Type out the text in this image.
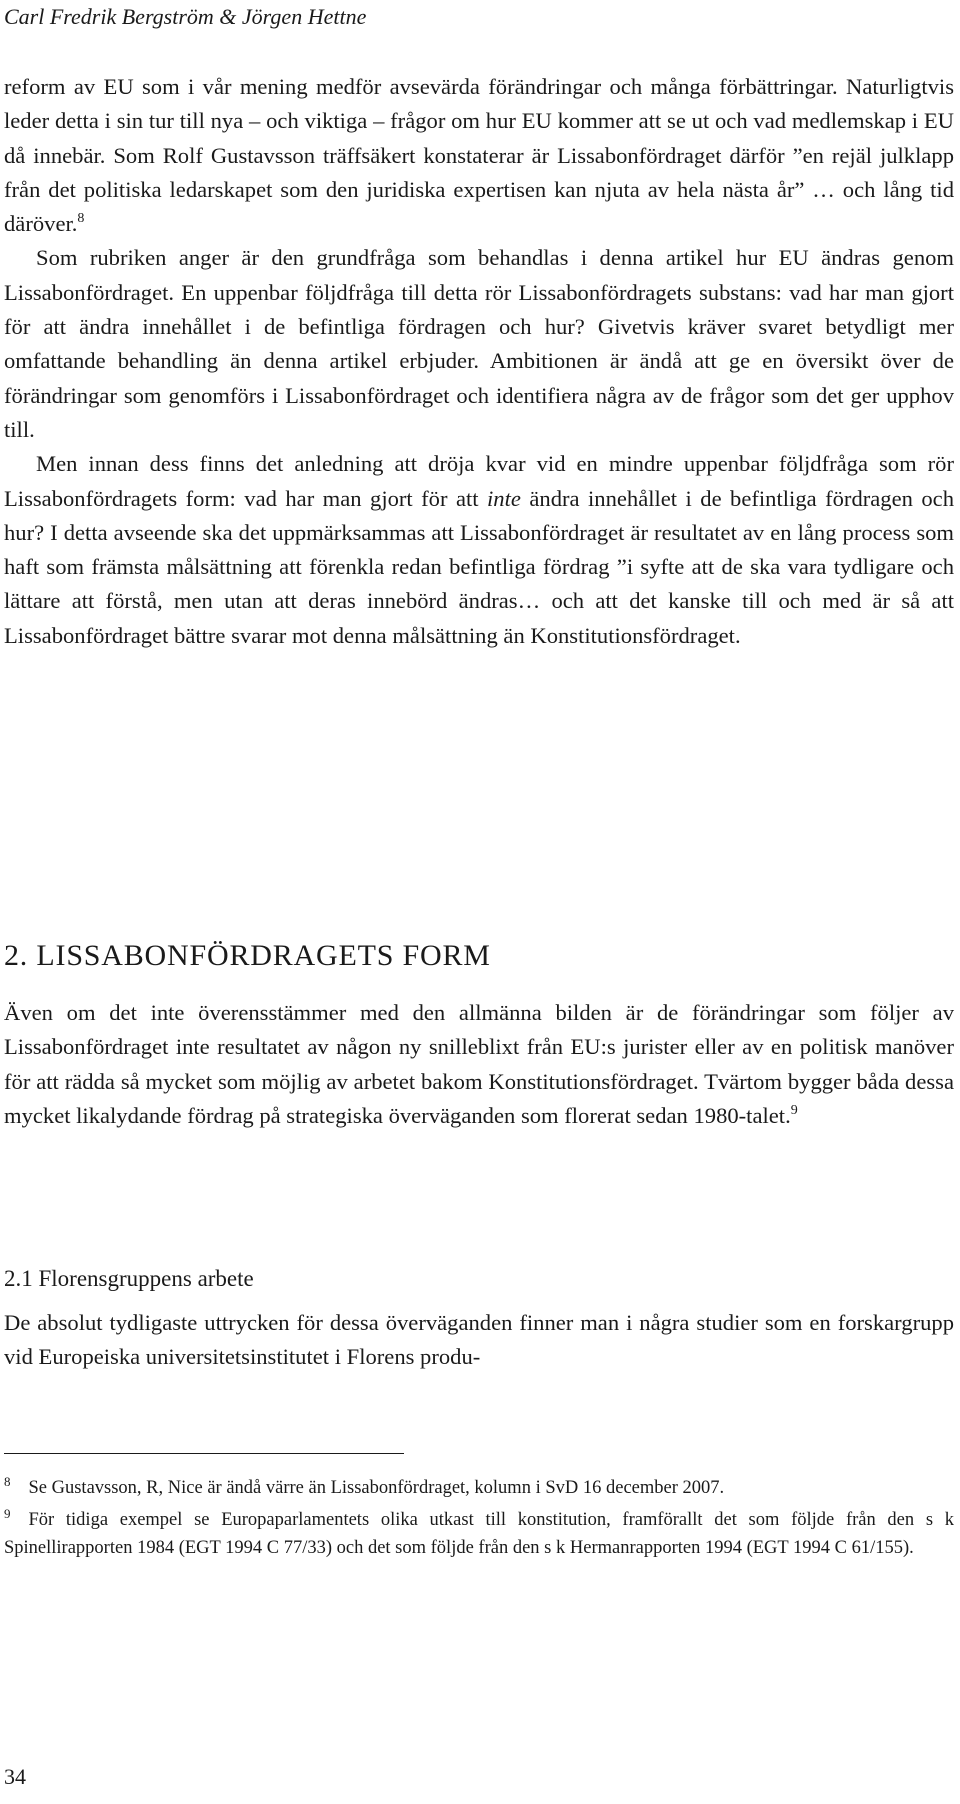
Carl Fredrik Bergström & Jörgen Hettne

reform av EU som i vår mening medför avsevärda förändringar och många förbättringar. Naturligtvis leder detta i sin tur till nya – och viktiga – frågor om hur EU kommer att se ut och vad medlemskap i EU då innebär. Som Rolf Gustavsson träffsäkert konstaterar är Lissabonfördraget därför ”en rejäl julklapp från det politiska ledarskapet som den juridiska expertisen kan njuta av hela nästa år” … och lång tid däröver.$^8$

Som rubriken anger är den grundfråga som behandlas i denna artikel hur EU ändras genom Lissabonfördraget. En uppenbar följdfråga till detta rör Lissabonfördragets substans: vad har man gjort för att ändra innehållet i de befintliga fördragen och hur? Givetvis kräver svaret betydligt mer omfattande behandling än denna artikel erbjuder. Ambitionen är ändå att ge en översikt över de förändringar som genomförs i Lissabonfördraget och identifiera några av de frågor som det ger upphov till.

Men innan dess finns det anledning att dröja kvar vid en mindre uppenbar följdfråga som rör Lissabonfördragets form: vad har man gjort för att inte ändra innehållet i de befintliga fördragen och hur? I detta avseende ska det uppmärksammas att Lissabonfördraget är resultatet av en lång process som haft som främsta målsättning att förenkla redan befintliga fördrag ”i syfte att de ska vara tydligare och lättare att förstå, men utan att deras innebörd ändras… och att det kanske till och med är så att Lissabonfördraget bättre svarar mot denna målsättning än Konstitutionsfördraget.

2. LISSABONFÖRDRAGETS FORM

Även om det inte överensstämmer med den allmänna bilden är de förändringar som följer av Lissabonfördraget inte resultatet av någon ny snilleblixt från EU:s jurister eller av en politisk manöver för att rädda så mycket som möjlig av arbetet bakom Konstitutionsfördraget. Tvärtom bygger båda dessa mycket likalydande fördrag på strategiska överväganden som florerat sedan 1980-talet.$^9$

2.1 Florensgruppens arbete

De absolut tydligaste uttrycken för dessa överväganden finner man i några studier som en forskargrupp vid Europeiska universitetsinstitutet i Florens produ-

$^8$ Se Gustavsson, R, Nice är ändå värre än Lissabonfördraget, kolumn i SvD 16 december 2007.

$^9$ För tidiga exempel se Europaparlamentets olika utkast till konstitution, framförallt det som följde från den s k Spinellirapporten 1984 (EGT 1994 C 77/33) och det som följde från den s k Hermanrapporten 1994 (EGT 1994 C 61/155).

34
